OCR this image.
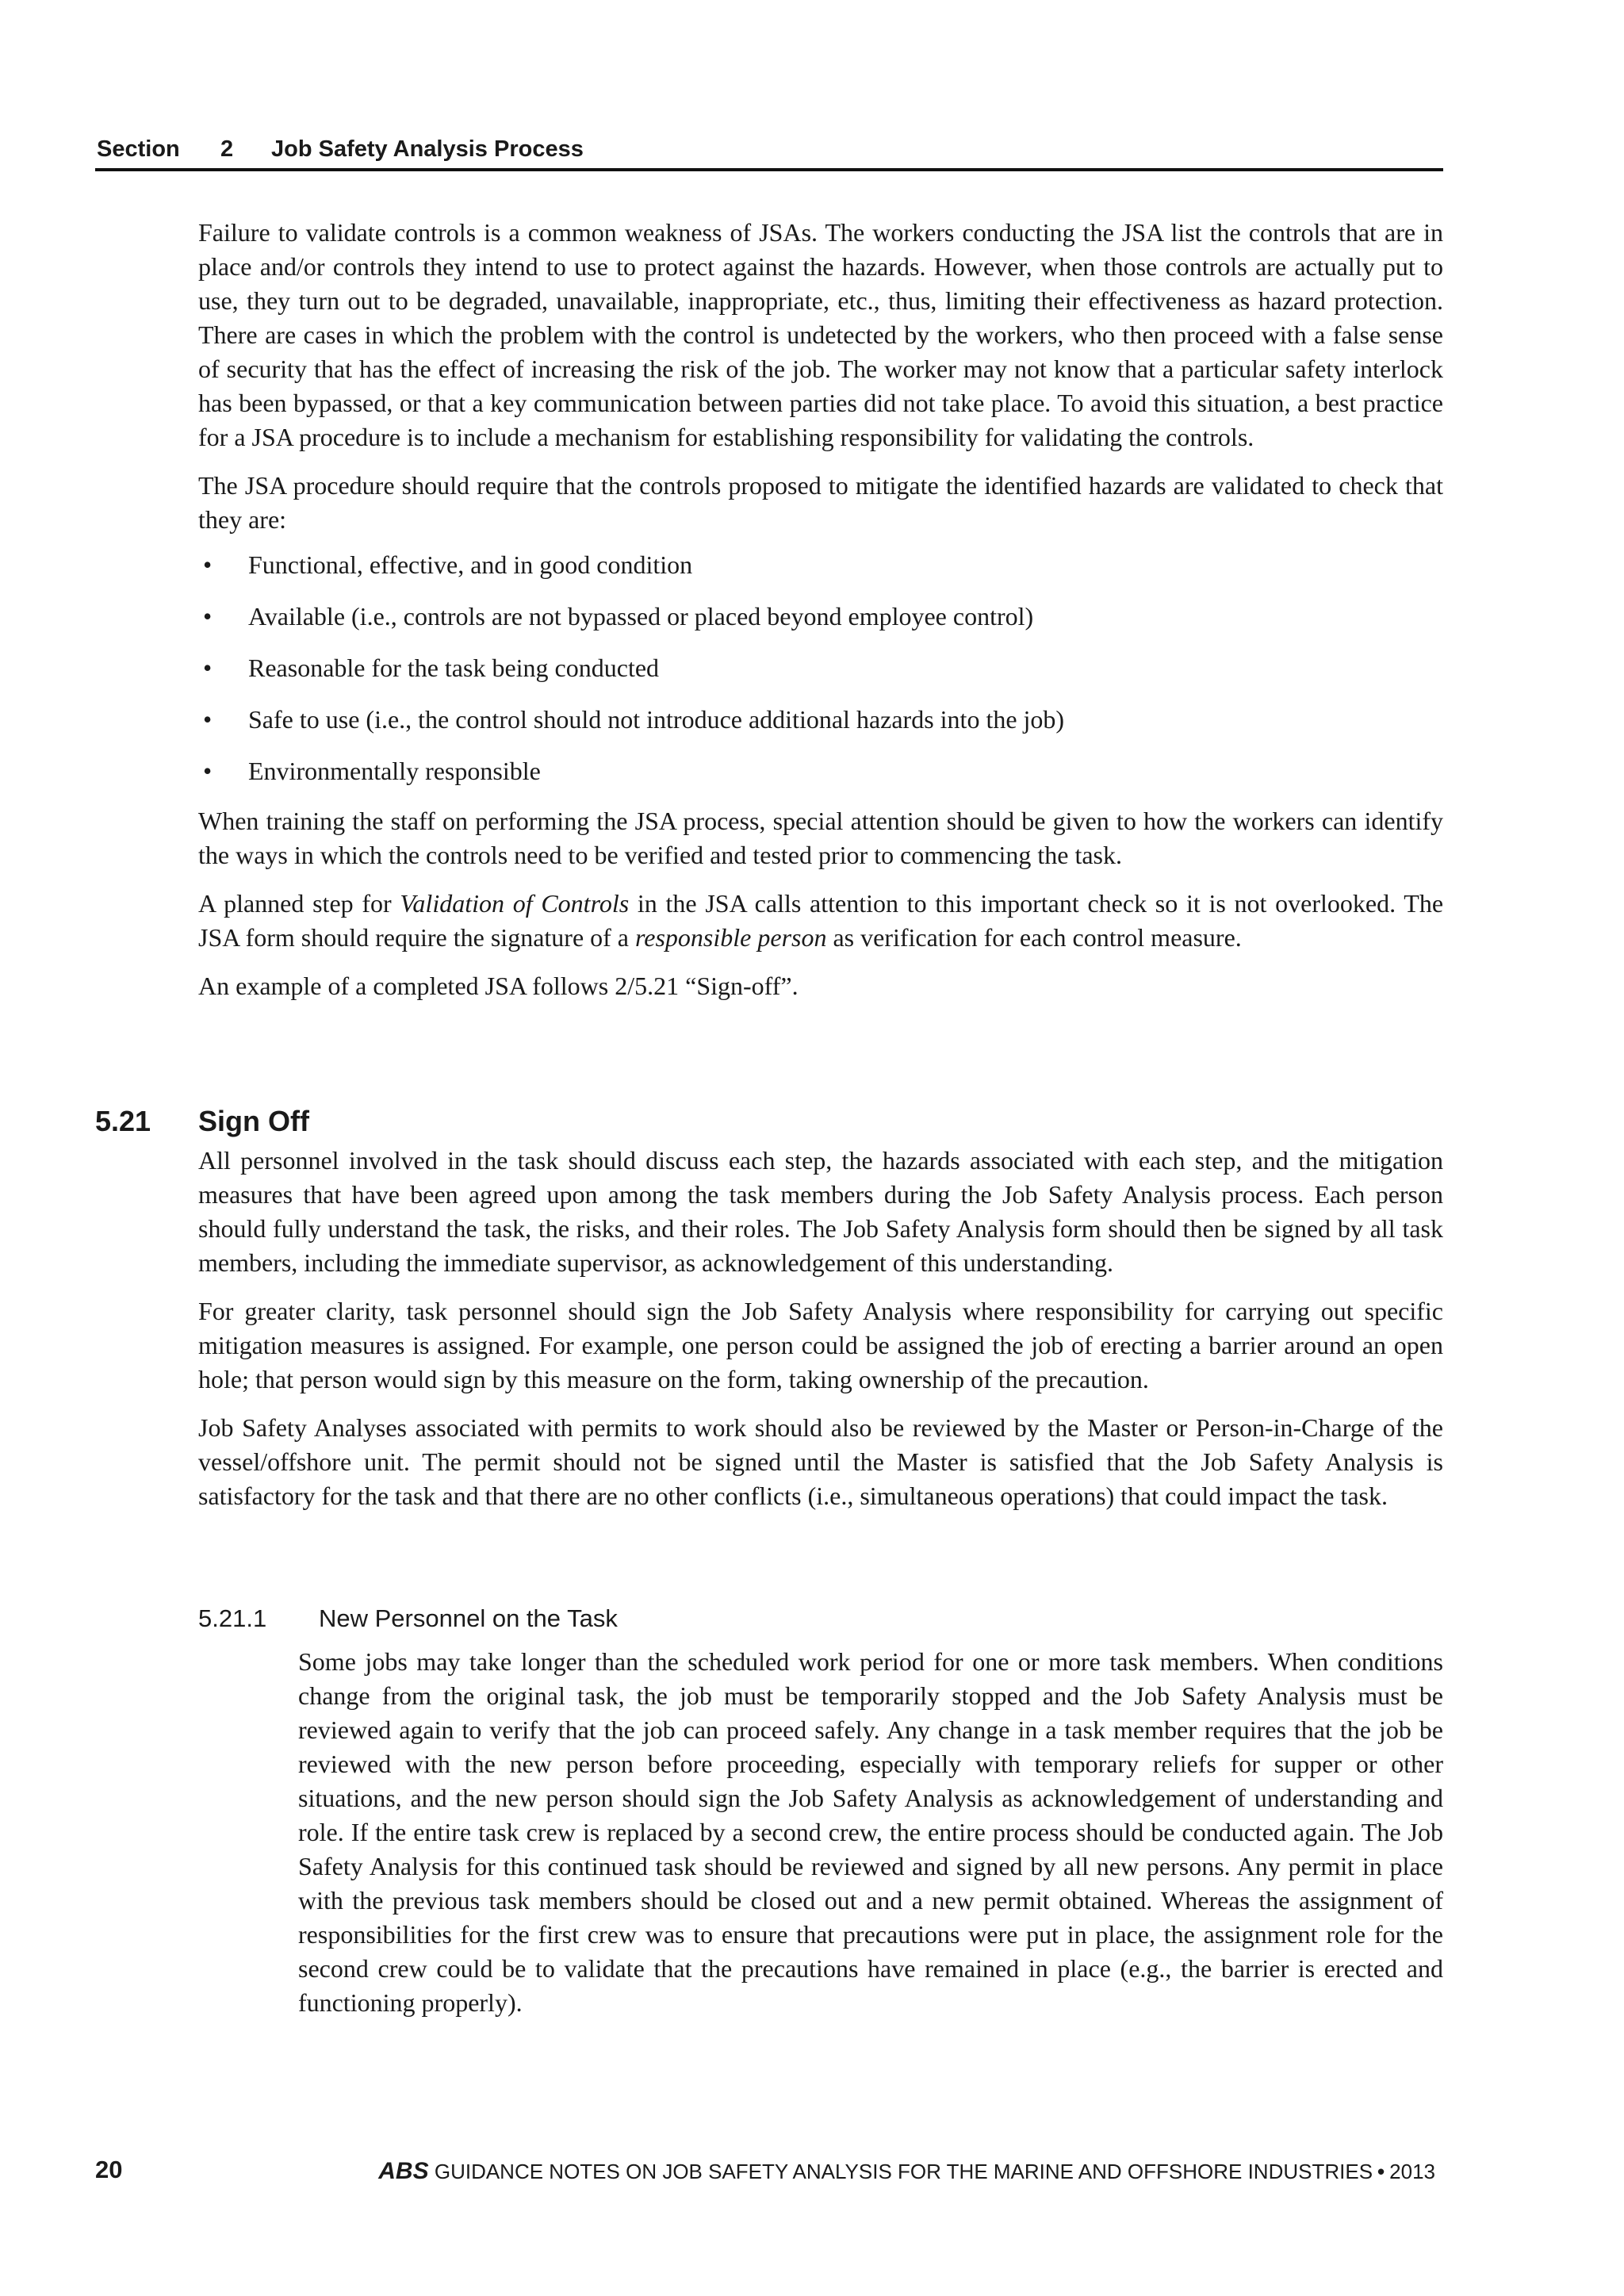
Section 2 Job Safety Analysis Process

Failure to validate controls is a common weakness of JSAs. The workers conducting the JSA list the controls that are in place and/or controls they intend to use to protect against the hazards. However, when those controls are actually put to use, they turn out to be degraded, unavailable, inappropriate, etc., thus, limiting their effectiveness as hazard protection. There are cases in which the problem with the control is undetected by the workers, who then proceed with a false sense of security that has the effect of increasing the risk of the job. The worker may not know that a particular safety interlock has been bypassed, or that a key communication between parties did not take place. To avoid this situation, a best practice for a JSA procedure is to include a mechanism for establishing responsibility for validating the controls.

The JSA procedure should require that the controls proposed to mitigate the identified hazards are validated to check that they are:

• Functional, effective, and in good condition
• Available (i.e., controls are not bypassed or placed beyond employee control)
• Reasonable for the task being conducted
• Safe to use (i.e., the control should not introduce additional hazards into the job)
• Environmentally responsible

When training the staff on performing the JSA process, special attention should be given to how the workers can identify the ways in which the controls need to be verified and tested prior to commencing the task.

A planned step for Validation of Controls in the JSA calls attention to this important check so it is not overlooked. The JSA form should require the signature of a responsible person as verification for each control measure.

An example of a completed JSA follows 2/5.21 “Sign-off”.

5.21 Sign Off

All personnel involved in the task should discuss each step, the hazards associated with each step, and the mitigation measures that have been agreed upon among the task members during the Job Safety Analysis process. Each person should fully understand the task, the risks, and their roles. The Job Safety Analysis form should then be signed by all task members, including the immediate supervisor, as acknowledgement of this understanding.

For greater clarity, task personnel should sign the Job Safety Analysis where responsibility for carrying out specific mitigation measures is assigned. For example, one person could be assigned the job of erecting a barrier around an open hole; that person would sign by this measure on the form, taking ownership of the precaution.

Job Safety Analyses associated with permits to work should also be reviewed by the Master or Person-in-Charge of the vessel/offshore unit. The permit should not be signed until the Master is satisfied that the Job Safety Analysis is satisfactory for the task and that there are no other conflicts (i.e., simultaneous operations) that could impact the task.

5.21.1 New Personnel on the Task

Some jobs may take longer than the scheduled work period for one or more task members. When conditions change from the original task, the job must be temporarily stopped and the Job Safety Analysis must be reviewed again to verify that the job can proceed safely. Any change in a task member requires that the job be reviewed with the new person before proceeding, especially with temporary reliefs for supper or other situations, and the new person should sign the Job Safety Analysis as acknowledgement of understanding and role. If the entire task crew is replaced by a second crew, the entire process should be conducted again. The Job Safety Analysis for this continued task should be reviewed and signed by all new persons. Any permit in place with the previous task members should be closed out and a new permit obtained. Whereas the assignment of responsibilities for the first crew was to ensure that precautions were put in place, the assignment role for the second crew could be to validate that the precautions have remained in place (e.g., the barrier is erected and functioning properly).

20	ABS GUIDANCE NOTES ON JOB SAFETY ANALYSIS FOR THE MARINE AND OFFSHORE INDUSTRIES • 2013
